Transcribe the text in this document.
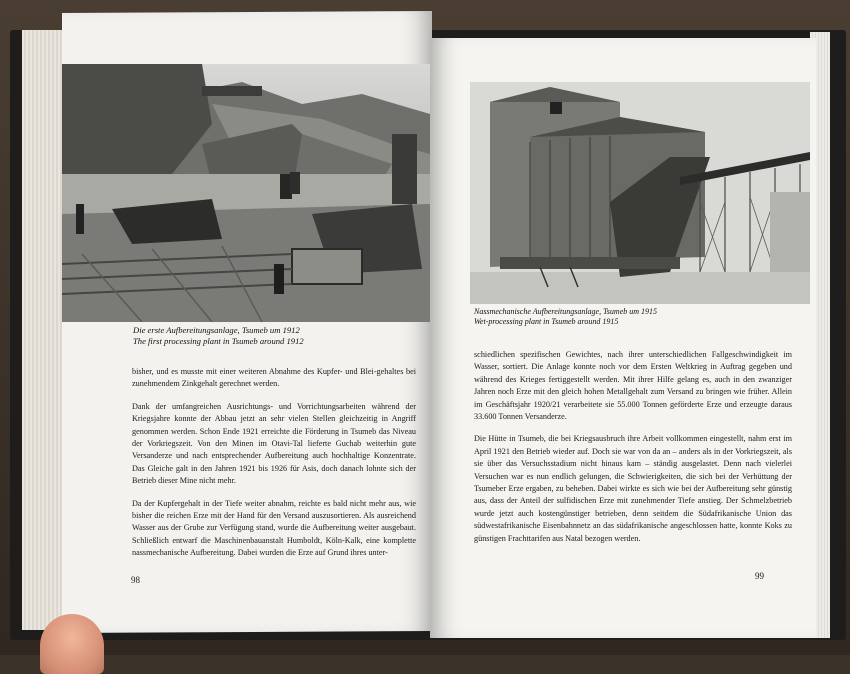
Die erste Aufbereitungsanlage, Tsumeb um 1912
The first processing plant in Tsumeb around 1912

bisher, und es musste mit einer weiteren Abnahme des Kupfer- und Blei-gehaltes bei zunehmendem Zinkgehalt gerechnet werden.

Dank der umfangreichen Ausrichtungs- und Vorrichtungsarbeiten während der Kriegsjahre konnte der Abbau jetzt an sehr vielen Stellen gleichzeitig in Angriff genommen werden. Schon Ende 1921 erreichte die Förderung in Tsumeb das Niveau der Vorkriegszeit. Von den Minen im Otavi-Tal lieferte Guchab weiterhin gute Versanderze und nach entsprechender Aufbereitung auch hochhaltige Konzentrate. Das Gleiche galt in den Jahren 1921 bis 1926 für Asis, doch danach lohnte sich der Betrieb dieser Mine nicht mehr.

Da der Kupfergehalt in der Tiefe weiter abnahm, reichte es bald nicht mehr aus, wie bisher die reichen Erze mit der Hand für den Versand auszusortieren. Als ausreichend Wasser aus der Grube zur Verfügung stand, wurde die Aufbereitung weiter ausgebaut. Schließlich entwarf die Maschinenbauanstalt Humboldt, Köln-Kalk, eine komplette nassmechanische Aufbereitung. Dabei wurden die Erze auf Grund ihres unter-

98
Nassmechanische Aufbereitungsanlage, Tsumeb um 1915
Wet-processing plant in Tsumeb around 1915

schiedlichen spezifischen Gewichtes, nach ihrer unterschiedlichen Fallgeschwindigkeit im Wasser, sortiert. Die Anlage konnte noch vor dem Ersten Weltkrieg in Auftrag gegeben und während des Krieges fertiggestellt werden. Mit ihrer Hilfe gelang es, auch in den zwanziger Jahren noch Erze mit den gleich hohen Metallgehalt zum Versand zu bringen wie früher. Allein im Geschäftsjahr 1920/21 verarbeitete sie 55.000 Tonnen geförderte Erze und erzeugte daraus 33.600 Tonnen Versanderze.

Die Hütte in Tsumeb, die bei Kriegsausbruch ihre Arbeit vollkommen eingestellt, nahm erst im April 1921 den Betrieb wieder auf. Doch sie war von da an – anders als in der Vorkriegszeit, als sie über das Versuchsstadium nicht hinaus kam – ständig ausgelastet. Denn nach vielerlei Versuchen war es nun endlich gelungen, die Schwierigkeiten, die sich bei der Verhüttung der Tsumeber Erze ergaben, zu beheben. Dabei wirkte es sich wie bei der Aufbereitung sehr günstig aus, dass der Anteil der sulfidischen Erze mit zunehmender Tiefe anstieg. Der Schmelzbetrieb wurde jetzt auch kostengünstiger betrieben, denn seitdem die Südafrikanische Union das südwestafrikanische Eisenbahnnetz an das südafrikanische angeschlossen hatte, konnte Koks zu günstigen Frachttarifen aus Natal bezogen werden.

99
